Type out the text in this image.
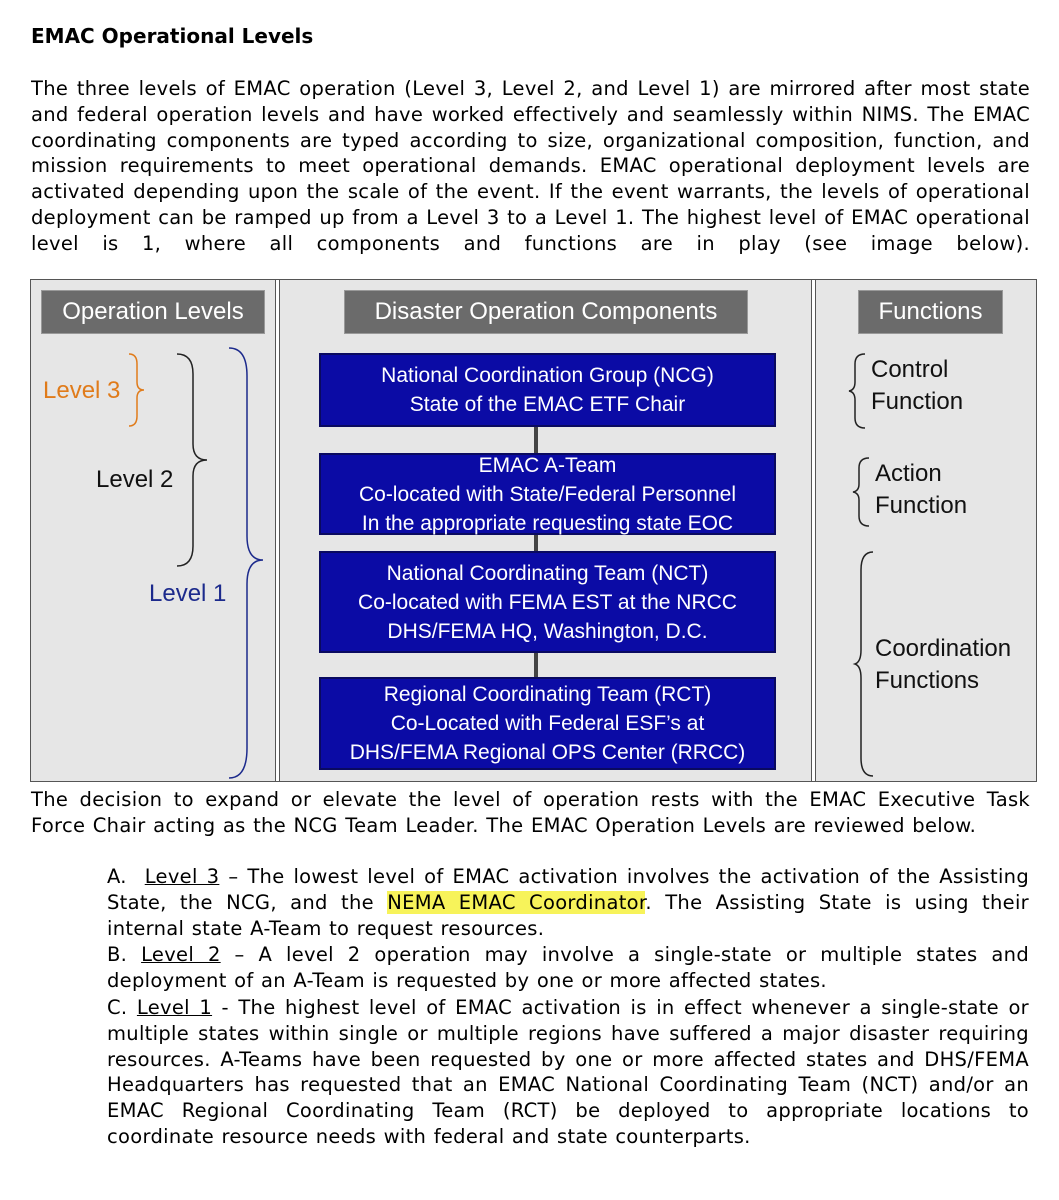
EMAC Operational Levels
The three levels of EMAC operation (Level 3, Level 2, and Level 1) are mirrored after most state and federal operation levels and have worked effectively and seamlessly within NIMS. The EMAC coordinating components are typed according to size, organizational composition, function, and mission requirements to meet operational demands. EMAC operational deployment levels are activated depending upon the scale of the event. If the event warrants, the levels of operational deployment can be ramped up from a Level 3 to a Level 1. The highest level of EMAC operational level is 1, where all components and functions are in play (see image below).
Operation Levels	Disaster Operation Components	Functions
Level 3
Level 2
Level 1
National Coordination Group (NCG)
State of the EMAC ETF Chair
EMAC A-Team
Co-located with State/Federal Personnel
In the appropriate requesting state EOC
National Coordinating Team (NCT)
Co-located with FEMA EST at the NRCC
DHS/FEMA HQ, Washington, D.C.
Regional Coordinating Team (RCT)
Co-Located with Federal ESF’s at
DHS/FEMA Regional OPS Center (RRCC)
Control
Function
Action
Function
Coordination
Functions
The decision to expand or elevate the level of operation rests with the EMAC Executive Task Force Chair acting as the NCG Team Leader. The EMAC Operation Levels are reviewed below.
A. Level 3 – The lowest level of EMAC activation involves the activation of the Assisting State, the NCG, and the NEMA EMAC Coordinator. The Assisting State is using their internal state A-Team to request resources.
B. Level 2 – A level 2 operation may involve a single-state or multiple states and deployment of an A-Team is requested by one or more affected states.
C. Level 1 - The highest level of EMAC activation is in effect whenever a single-state or multiple states within single or multiple regions have suffered a major disaster requiring resources. A-Teams have been requested by one or more affected states and DHS/FEMA Headquarters has requested that an EMAC National Coordinating Team (NCT) and/or an EMAC Regional Coordinating Team (RCT) be deployed to appropriate locations to coordinate resource needs with federal and state counterparts.
